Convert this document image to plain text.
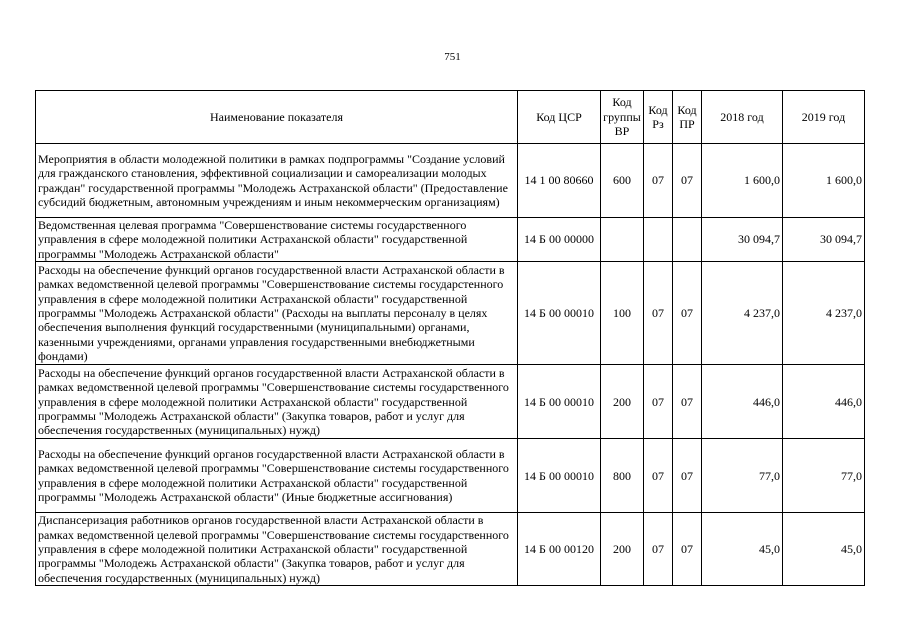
751
Наименование показателя	Код ЦСР	Код группы ВР	Код Рз	Код ПР	2018 год	2019 год
Мероприятия в области молодежной политики в рамках подпрограммы "Создание условий для гражданского становления, эффективной социализации и самореализации молодых граждан" государственной программы "Молодежь Астраханской области" (Предоставление субсидий бюджетным, автономным учреждениям и иным некоммерческим организациям)	14 1 00 80660	600	07	07	1 600,0	1 600,0
Ведомственная целевая программа "Совершенствование системы государственного управления в сфере молодежной политики Астраханской области" государственной программы "Молодежь Астраханской области"	14 Б 00 00000				30 094,7	30 094,7
Расходы на обеспечение функций органов государственной власти Астраханской области в рамках ведомственной целевой программы "Совершенствование системы государстенного управления в сфере молодежной политики Астраханской области" государственной программы "Молодежь Астраханской области" (Расходы на выплаты персоналу в целях обеспечения выполнения функций государственными (муниципальными) органами, казенными учреждениями, органами управления государственными внебюджетными фондами)	14 Б 00 00010	100	07	07	4 237,0	4 237,0
Расходы на обеспечение функций органов государственной власти Астраханской области в рамках ведомственной целевой программы "Совершенствование системы государственного управления в сфере молодежной политики Астраханской области" государственной программы "Молодежь Астраханской области" (Закупка товаров, работ и услуг для обеспечения государственных (муниципальных) нужд)	14 Б 00 00010	200	07	07	446,0	446,0
Расходы на обеспечение функций органов государственной власти Астраханской области в рамках ведомственной целевой программы "Совершенствование системы государственного управления в сфере молодежной политики Астраханской области" государственной программы "Молодежь Астраханской области" (Иные бюджетные ассигнования)	14 Б 00 00010	800	07	07	77,0	77,0
Диспансеризация работников органов государственной власти Астраханской области в рамках ведомственной целевой программы "Совершенствование системы государственного управления в сфере молодежной политики Астраханской области" государственной программы "Молодежь Астраханской области" (Закупка товаров, работ и услуг для обеспечения государственных (муниципальных) нужд)	14 Б 00 00120	200	07	07	45,0	45,0
